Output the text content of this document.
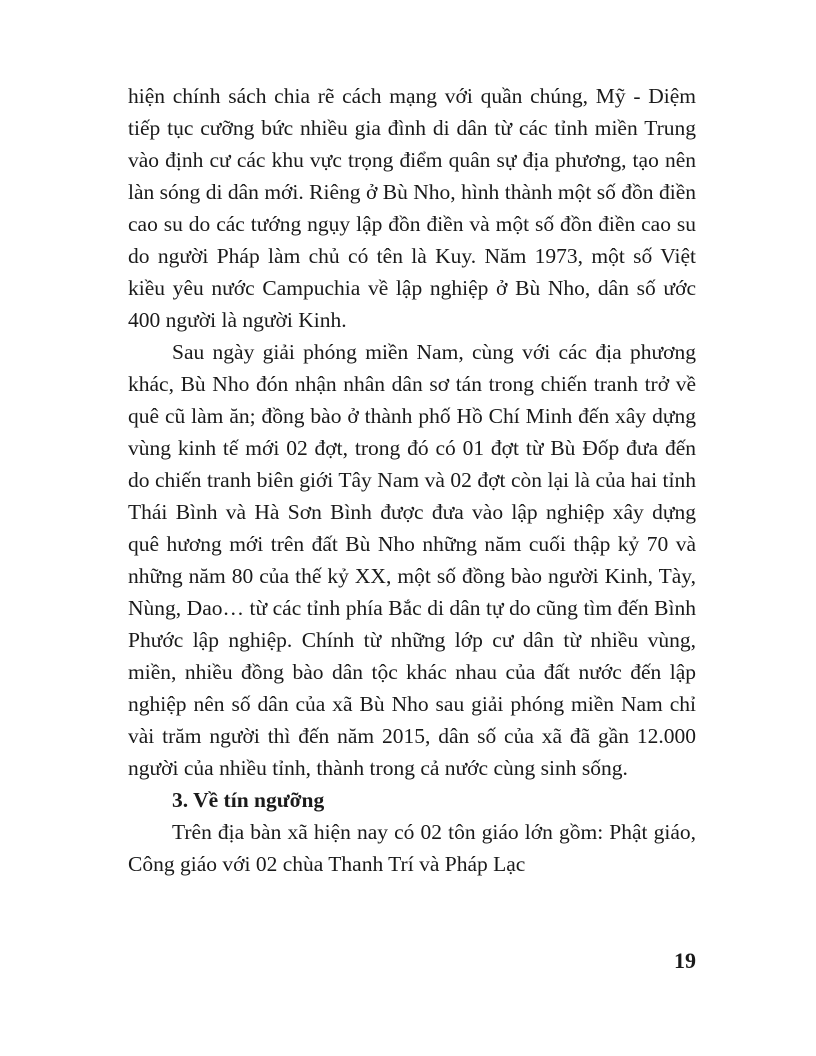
hiện chính sách chia rẽ cách mạng với quần chúng, Mỹ - Diệm tiếp tục cưỡng bức nhiều gia đình di dân từ các tỉnh miền Trung vào định cư các khu vực trọng điểm quân sự địa phương, tạo nên làn sóng di dân mới. Riêng ở Bù Nho, hình thành một số đồn điền cao su do các tướng ngụy lập đồn điền và một số đồn điền cao su do người Pháp làm chủ có tên là Kuy. Năm 1973, một số Việt kiều yêu nước Campuchia về lập nghiệp ở Bù Nho, dân số ước 400 người là người Kinh.

Sau ngày giải phóng miền Nam, cùng với các địa phương khác, Bù Nho đón nhận nhân dân sơ tán trong chiến tranh trở về quê cũ làm ăn; đồng bào ở thành phố Hồ Chí Minh đến xây dựng vùng kinh tế mới 02 đợt, trong đó có 01 đợt từ Bù Đốp đưa đến do chiến tranh biên giới Tây Nam và 02 đợt còn lại là của hai tỉnh Thái Bình và Hà Sơn Bình được đưa vào lập nghiệp xây dựng quê hương mới trên đất Bù Nho những năm cuối thập kỷ 70 và những năm 80 của thế kỷ XX, một số đồng bào người Kinh, Tày, Nùng, Dao… từ các tỉnh phía Bắc di dân tự do cũng tìm đến Bình Phước lập nghiệp. Chính từ những lớp cư dân từ nhiều vùng, miền, nhiều đồng bào dân tộc khác nhau của đất nước đến lập nghiệp nên số dân của xã Bù Nho sau giải phóng miền Nam chỉ vài trăm người thì đến năm 2015, dân số của xã đã gần 12.000 người của nhiều tỉnh, thành trong cả nước cùng sinh sống.

3. Về tín ngưỡng

Trên địa bàn xã hiện nay có 02 tôn giáo lớn gồm: Phật giáo, Công giáo với 02 chùa Thanh Trí và Pháp Lạc

19
